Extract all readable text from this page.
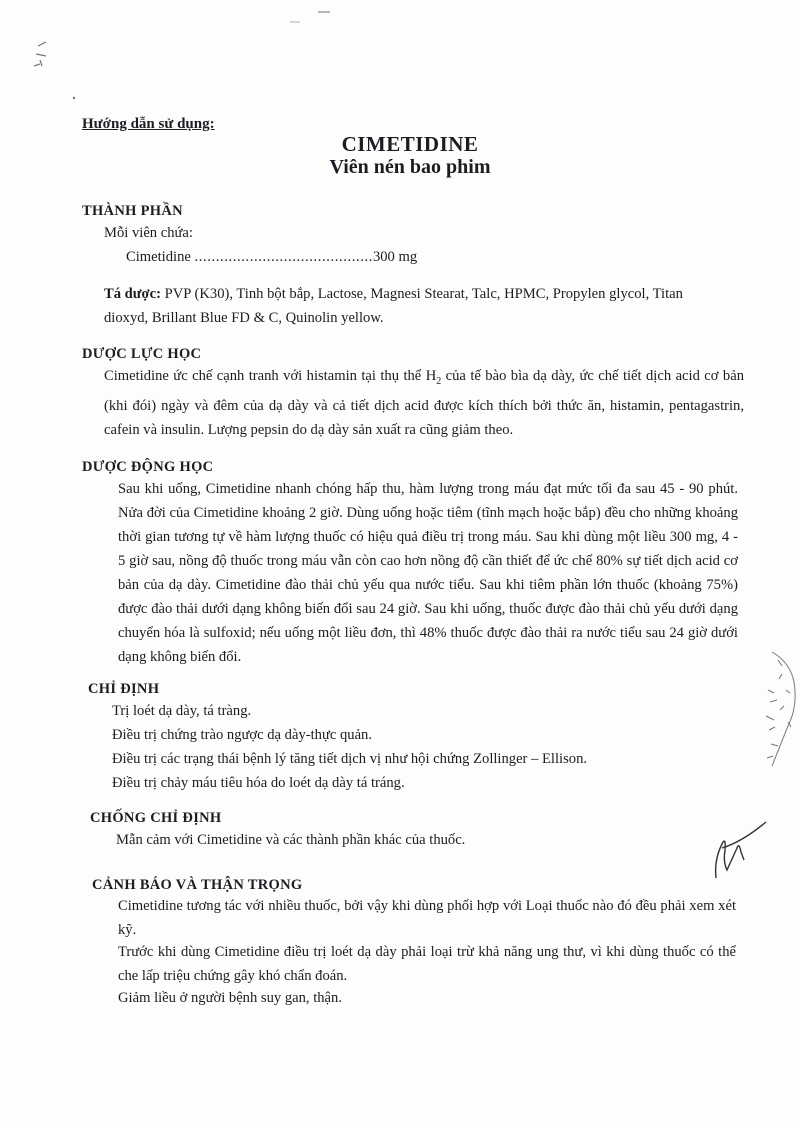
Hướng dẫn sử dụng:
CIMETIDINE
Viên nén bao phim
THÀNH PHẦN
Mỗi viên chứa:
Cimetidine ..........................................300 mg
Tá dược: PVP (K30), Tinh bột bắp, Lactose, Magnesi Stearat, Talc, HPMC, Propylen glycol, Titan
dioxyd, Brillant Blue FD & C, Quinolin yellow.
DƯỢC LỰC HỌC
Cimetidine ức chế cạnh tranh với histamin tại thụ thể $H_2$ của tế bào bìa dạ dày, ức chế tiết dịch acid cơ bản (khi đói) ngày và đêm của dạ dày và cả tiết dịch acid được kích thích bởi thức ăn, histamin, pentagastrin, cafein và insulin. Lượng pepsin do dạ dày sản xuất ra cũng giảm theo.
DƯỢC ĐỘNG HỌC
Sau khi uống, Cimetidine nhanh chóng hấp thu, hàm lượng trong máu đạt mức tối đa sau 45 - 90 phút. Nửa đời của Cimetidine khoảng 2 giờ. Dùng uống hoặc tiêm (tĩnh mạch hoặc bắp) đều cho những khoảng thời gian tương tự về hàm lượng thuốc có hiệu quả điều trị trong máu. Sau khi dùng một liều 300 mg, 4 - 5 giờ sau, nồng độ thuốc trong máu vẫn còn cao hơn nồng độ cần thiết để ức chế 80% sự tiết dịch acid cơ bản của dạ dày. Cimetidine đào thải chủ yếu qua nước tiểu. Sau khi tiêm phần lớn thuốc (khoảng 75%) được đào thải dưới dạng không biến đổi sau 24 giờ. Sau khi uống, thuốc được đào thải chủ yếu dưới dạng chuyển hóa là sulfoxid; nếu uống một liều đơn, thì 48% thuốc được đào thải ra nước tiểu sau 24 giờ dưới dạng không biến đổi.
CHỈ ĐỊNH
Trị loét dạ dày, tá tràng.
Điều trị chứng trào ngược dạ dày-thực quản.
Điều trị các trạng thái bệnh lý tăng tiết dịch vị như hội chứng Zollinger – Ellison.
Điều trị chảy máu tiêu hóa do loét dạ dày tá tráng.
CHỐNG CHỈ ĐỊNH
Mẫn cảm với Cimetidine và các thành phần khác của thuốc.
CẢNH BÁO VÀ THẬN TRỌNG
Cimetidine tương tác với nhiều thuốc, bởi vậy khi dùng phối hợp với Loại thuốc nào đó đều phải xem xét kỹ.
Trước khi dùng Cimetidine điều trị loét dạ dày phải loại trừ khả năng ung thư, vì khi dùng thuốc có thể che lấp triệu chứng gây khó chẩn đoán.
Giảm liều ở người bệnh suy gan, thận.
